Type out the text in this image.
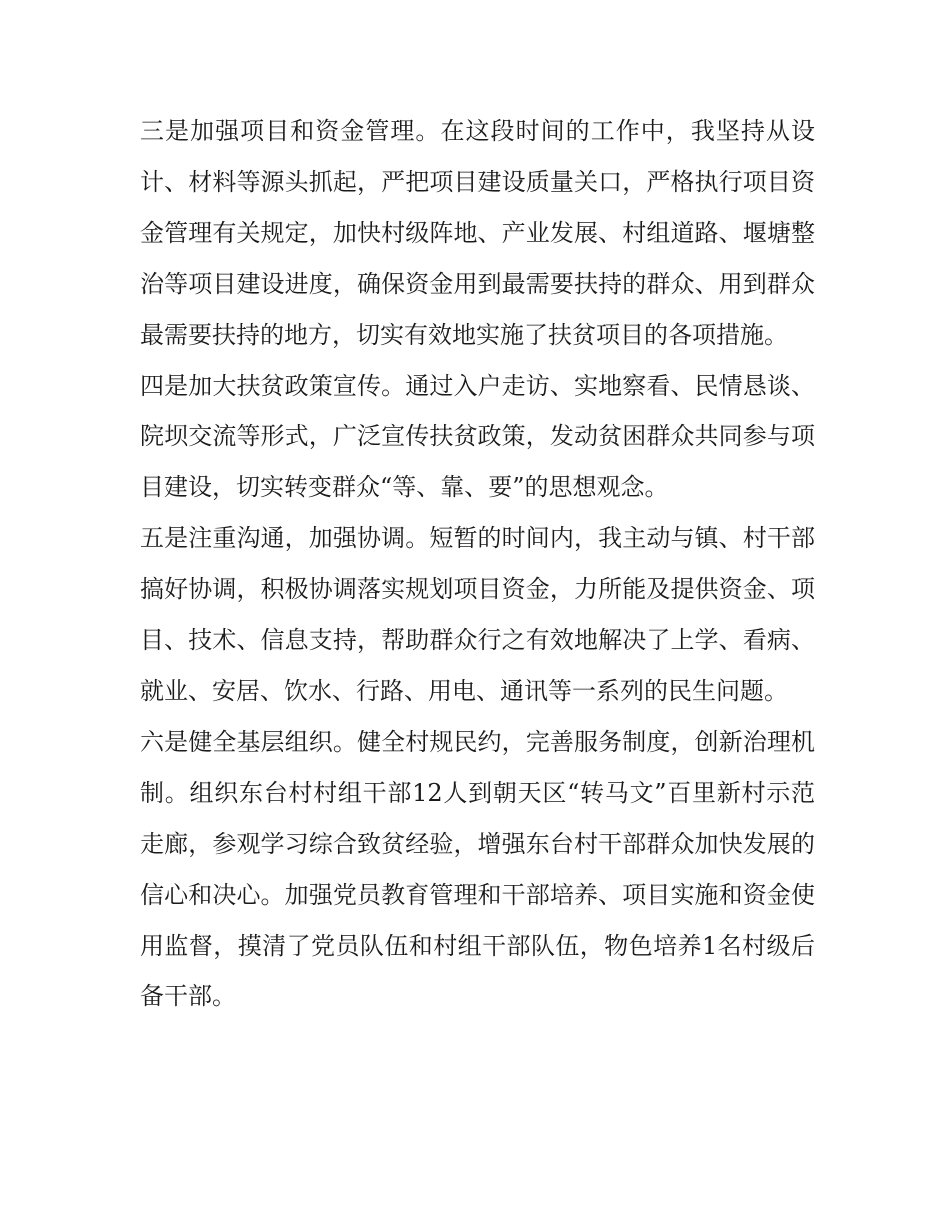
三是加强项目和资金管理。在这段时间的工作中，我坚持从设计、材料等源头抓起，严把项目建设质量关口，严格执行项目资金管理有关规定，加快村级阵地、产业发展、村组道路、堰塘整治等项目建设进度，确保资金用到最需要扶持的群众、用到群众最需要扶持的地方，切实有效地实施了扶贫项目的各项措施。

四是加大扶贫政策宣传。通过入户走访、实地察看、民情恳谈、院坝交流等形式，广泛宣传扶贫政策，发动贫困群众共同参与项目建设，切实转变群众“等、靠、要”的思想观念。

五是注重沟通，加强协调。短暂的时间内，我主动与镇、村干部搞好协调，积极协调落实规划项目资金，力所能及提供资金、项目、技术、信息支持，帮助群众行之有效地解决了上学、看病、就业、安居、饮水、行路、用电、通讯等一系列的民生问题。

六是健全基层组织。健全村规民约，完善服务制度，创新治理机制。组织东台村村组干部12人到朝天区“转马文”百里新村示范走廊，参观学习综合致贫经验，增强东台村干部群众加快发展的信心和决心。加强党员教育管理和干部培养、项目实施和资金使用监督，摸清了党员队伍和村组干部队伍，物色培养1名村级后备干部。
